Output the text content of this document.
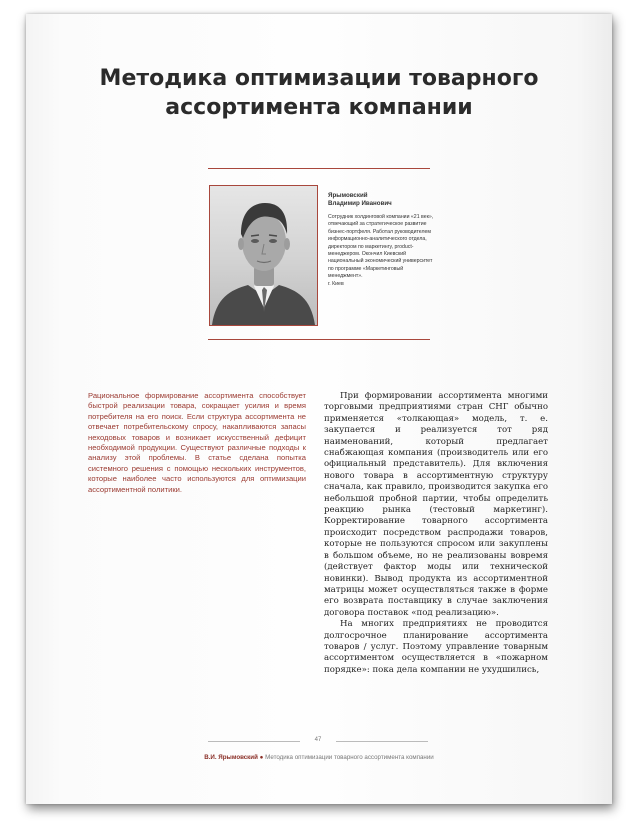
Методика оптимизации товарного
ассортимента компании
Ярымовский
Владимир Иванович
Сотрудник холдинговой компании «21 век», отвечающий за стратегическое развитие бизнес-портфеля. Работал руководителем информационно-аналитического отдела, директором по маркетингу, product-менеджером. Окончил Киевский национальный экономический университет по программе «Маркетинговый менеджмент».
г. Киев

Рациональное формирование ассортимента способствует быстрой реализации товара, сокращает усилия и время потребителя на его поиск. Если структура ассортимента не отвечает потребительскому спросу, накапливаются запасы неходовых товаров и возникает искусственный дефицит необходимой продукции. Существуют различные подходы к анализу этой проблемы. В статье сделана попытка системного решения с помощью нескольких инструментов, которые наиболее часто используются для оптимизации ассортиментной политики.

При формировании ассортимента многими торговыми предприятиями стран СНГ обычно применяется «толкающая» модель, т. е. закупается и реализуется тот ряд наименований, который предлагает снабжающая компания (производитель или его официальный представитель). Для включения нового товара в ассортиментную структуру сначала, как правило, производится закупка его небольшой пробной партии, чтобы определить реакцию рынка (тестовый маркетинг). Корректирование товарного ассортимента происходит посредством распродажи товаров, которые не пользуются спросом или закуплены в большом объеме, но не реализованы вовремя (действует фактор моды или технической новинки). Вывод продукта из ассортиментной матрицы может осуществляться также в форме его возврата поставщику в случае заключения договора поставок «под реализацию».

На многих предприятиях не проводится долгосрочное планирование ассортимента товаров / услуг. Поэтому управление товарным ассортиментом осуществляется в «пожарном порядке»: пока дела компании не ухудшились,

47
В.И. Ярымовский ● Методика оптимизации товарного ассортимента компании
